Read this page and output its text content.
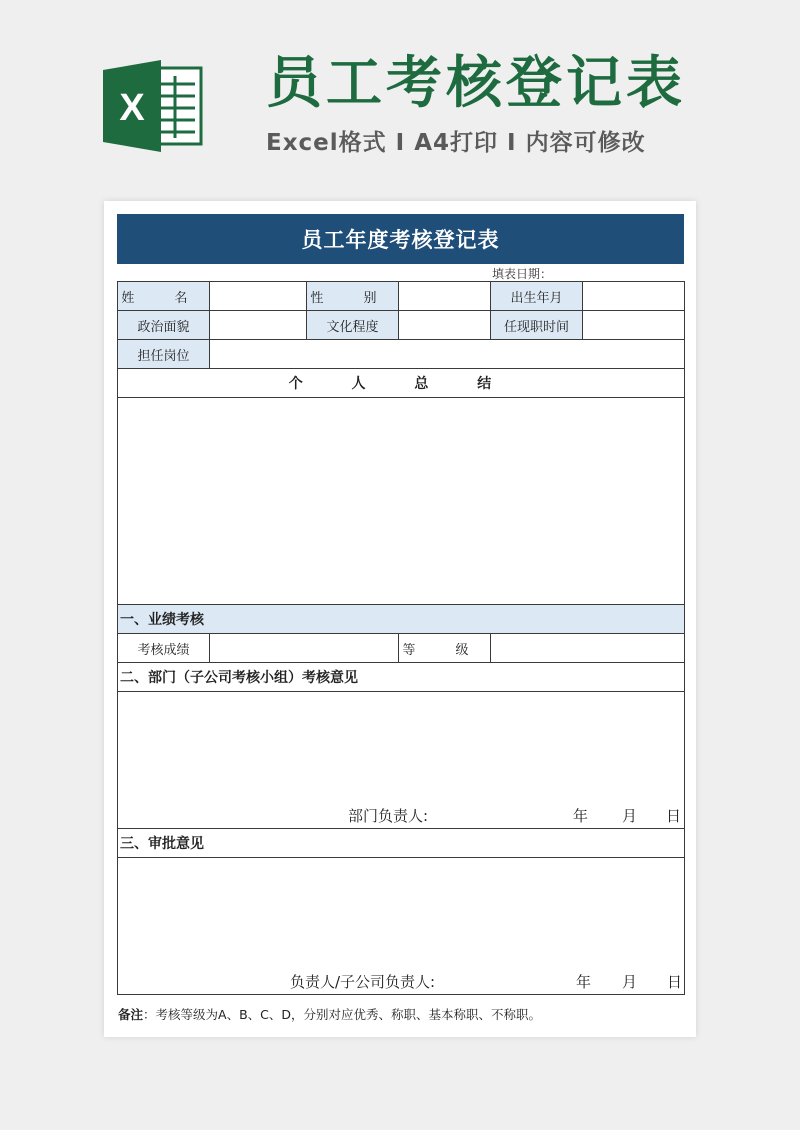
X 员工考核登记表
Excel格式 I A4打印 I 内容可修改
员工年度考核登记表
填表日期：
姓 名		性 别		出生年月	
政治面貌		文化程度		任现职时间	
担任岗位					
个 人 总 结					

一、业绩考核					
考核成绩			等 级		
二、部门（子公司考核小组）考核意见					

部门负责人: 年 月 日					

三、审批意见					

负责人/子公司负责人: 年 月 日					
备注：考核等级为A、B、C、D，分别对应优秀、称职、基本称职、不称职。
